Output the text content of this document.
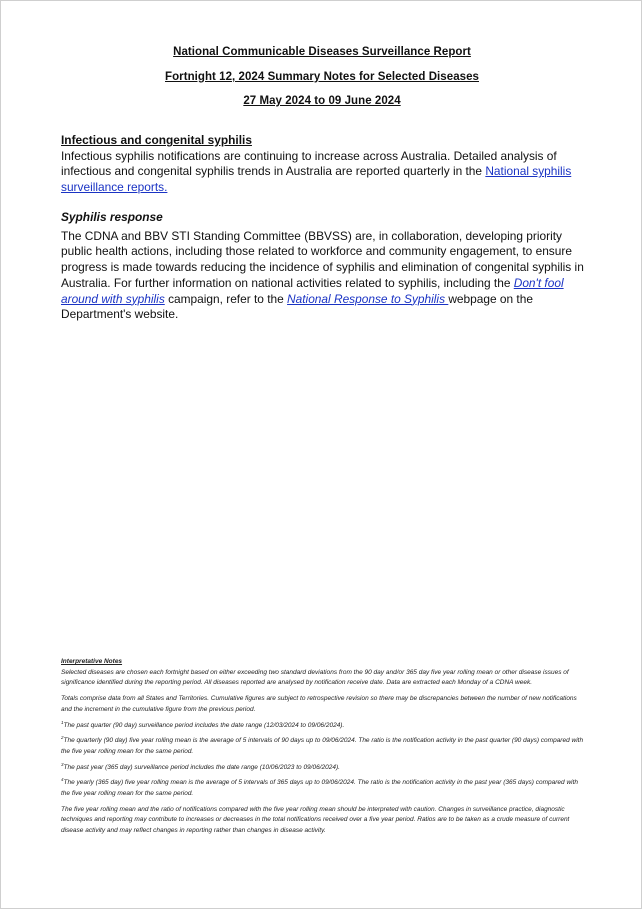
National Communicable Diseases Surveillance Report
Fortnight 12, 2024 Summary Notes for Selected Diseases
27 May 2024 to 09 June 2024
Infectious and congenital syphilis
Infectious syphilis notifications are continuing to increase across Australia. Detailed analysis of infectious and congenital syphilis trends in Australia are reported quarterly in the National syphilis surveillance reports.
Syphilis response
The CDNA and BBV STI Standing Committee (BBVSS) are, in collaboration, developing priority public health actions, including those related to workforce and community engagement, to ensure progress is made towards reducing the incidence of syphilis and elimination of congenital syphilis in Australia. For further information on national activities related to syphilis, including the Don't fool around with syphilis campaign, refer to the National Response to Syphilis webpage on the Department's website.

Interpretative Notes

Selected diseases are chosen each fortnight based on either exceeding two standard deviations from the 90 day and/or 365 day five year rolling mean or other disease issues of significance identified during the reporting period. All diseases reported are analysed by notification receive date. Data are extracted each Monday of a CDNA week.

Totals comprise data from all States and Territories. Cumulative figures are subject to retrospective revision so there may be discrepancies between the number of new notifications and the increment in the cumulative figure from the previous period.

$^1$The past quarter (90 day) surveillance period includes the date range (12/03/2024 to 09/06/2024).

$^2$The quarterly (90 day) five year rolling mean is the average of 5 intervals of 90 days up to 09/06/2024. The ratio is the notification activity in the past quarter (90 days) compared with the five year rolling mean for the same period.

$^3$The past year (365 day) surveillance period includes the date range (10/06/2023 to 09/06/2024).

$^4$The yearly (365 day) five year rolling mean is the average of 5 intervals of 365 days up to 09/06/2024. The ratio is the notification activity in the past year (365 days) compared with the five year rolling mean for the same period.

The five year rolling mean and the ratio of notifications compared with the five year rolling mean should be interpreted with caution. Changes in surveillance practice, diagnostic techniques and reporting may contribute to increases or decreases in the total notifications received over a five year period. Ratios are to be taken as a crude measure of current disease activity and may reflect changes in reporting rather than changes in disease activity.
